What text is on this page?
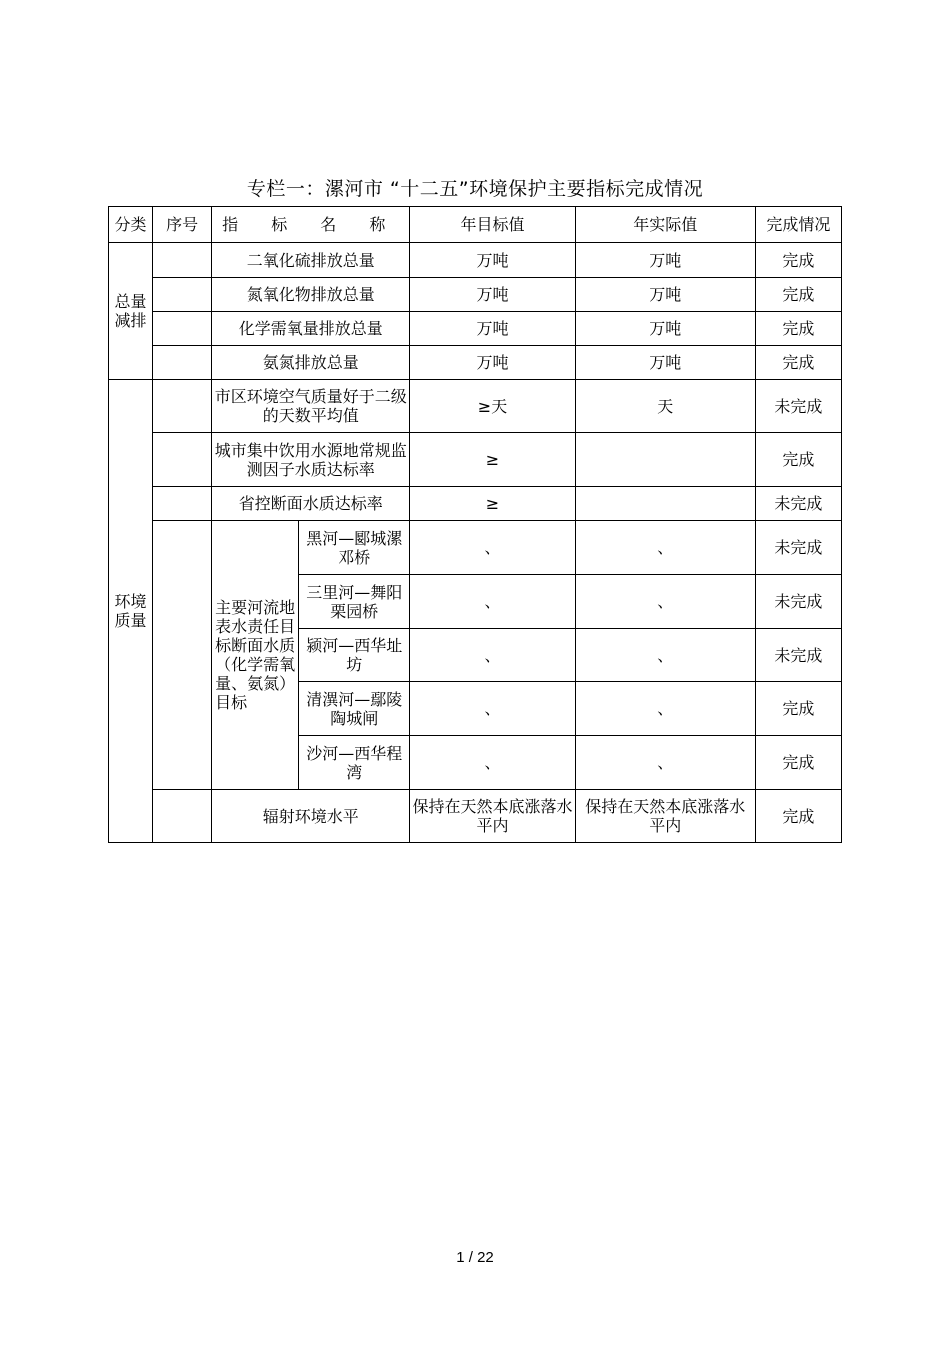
专栏一：漯河市 “十二五”环境保护主要指标完成情况
分类	序号	指 标 名 称		年目标值	年实际值	完成情况
总量减排		二氧化硫排放总量		万吨	万吨	完成
		氮氧化物排放总量		万吨	万吨	完成
		化学需氧量排放总量		万吨	万吨	完成
		氨氮排放总量		万吨	万吨	完成
环境质量		市区环境空气质量好于二级的天数平均值		≥天	天	未完成
		城市集中饮用水源地常规监测因子水质达标率		≥		完成
		省控断面水质达标率		≥		未完成
		主要河流地表水责任目标断面水质（化学需氧量、氨氮）目标	黑河—郾城漯邓桥	、	、	未完成
			三里河—舞阳栗园桥	、	、	未完成
			颍河—西华址坊	、	、	未完成
			清潩河—鄢陵陶城闸	、	、	完成
			沙河—西华程湾	、	、	完成
		辐射环境水平		保持在天然本底涨落水平内	保持在天然本底涨落水平内	完成
1 / 22
